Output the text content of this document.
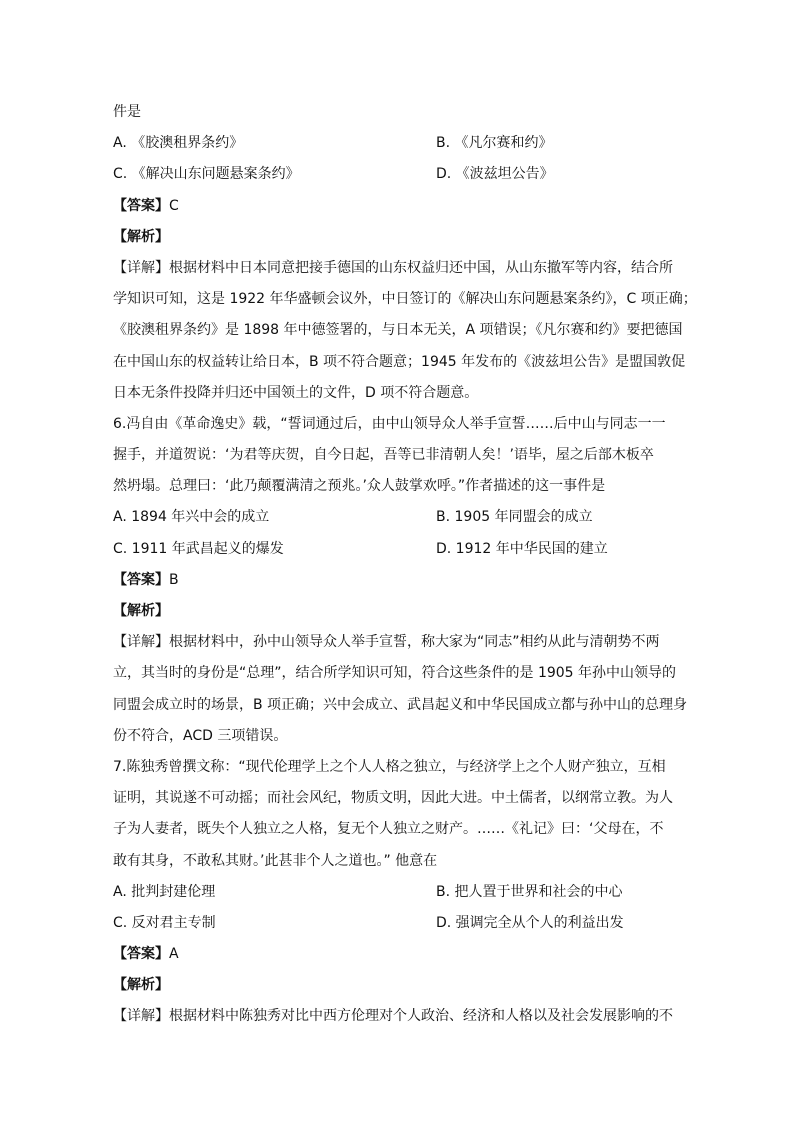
件是
A. 《胶澳租界条约》	B. 《凡尔赛和约》
C. 《解决山东问题悬案条约》	D. 《波兹坦公告》
【答案】C
【解析】
【详解】根据材料中日本同意把接手德国的山东权益归还中国，从山东撤军等内容，结合所
学知识可知，这是 1922 年华盛顿会议外，中日签订的《解决山东问题悬案条约》，C 项正确；
《胶澳租界条约》是 1898 年中德签署的，与日本无关，A 项错误；《凡尔赛和约》要把德国
在中国山东的权益转让给日本，B 项不符合题意；1945 年发布的《波兹坦公告》是盟国敦促
日本无条件投降并归还中国领土的文件，D 项不符合题意。
6.冯自由《革命逸史》载，“誓词通过后，由中山领导众人举手宣誓……后中山与同志一一
握手，并道贺说：‘为君等庆贺，自今日起，吾等已非清朝人矣！’语毕，屋之后部木板卒
然坍塌。总理曰：‘此乃颠覆满清之预兆。’众人鼓掌欢呼。”作者描述的这一事件是
A. 1894 年兴中会的成立	B. 1905 年同盟会的成立
C. 1911 年武昌起义的爆发	D. 1912 年中华民国的建立
【答案】B
【解析】
【详解】根据材料中，孙中山领导众人举手宣誓，称大家为“同志”相约从此与清朝势不两
立，其当时的身份是“总理”，结合所学知识可知，符合这些条件的是 1905 年孙中山领导的
同盟会成立时的场景，B 项正确；兴中会成立、武昌起义和中华民国成立都与孙中山的总理身
份不符合，ACD 三项错误。
7.陈独秀曾撰文称：“现代伦理学上之个人人格之独立，与经济学上之个人财产独立，互相
证明，其说遂不可动摇；而社会风纪，物质文明，因此大进。中土儒者，以纲常立教。为人
子为人妻者，既失个人独立之人格，复无个人独立之财产。……《礼记》曰：‘父母在，不
敢有其身，不敢私其财。’此甚非个人之道也。” 他意在
A. 批判封建伦理	B. 把人置于世界和社会的中心
C. 反对君主专制	D. 强调完全从个人的利益出发
【答案】A
【解析】
【详解】根据材料中陈独秀对比中西方伦理对个人政治、经济和人格以及社会发展影响的不
